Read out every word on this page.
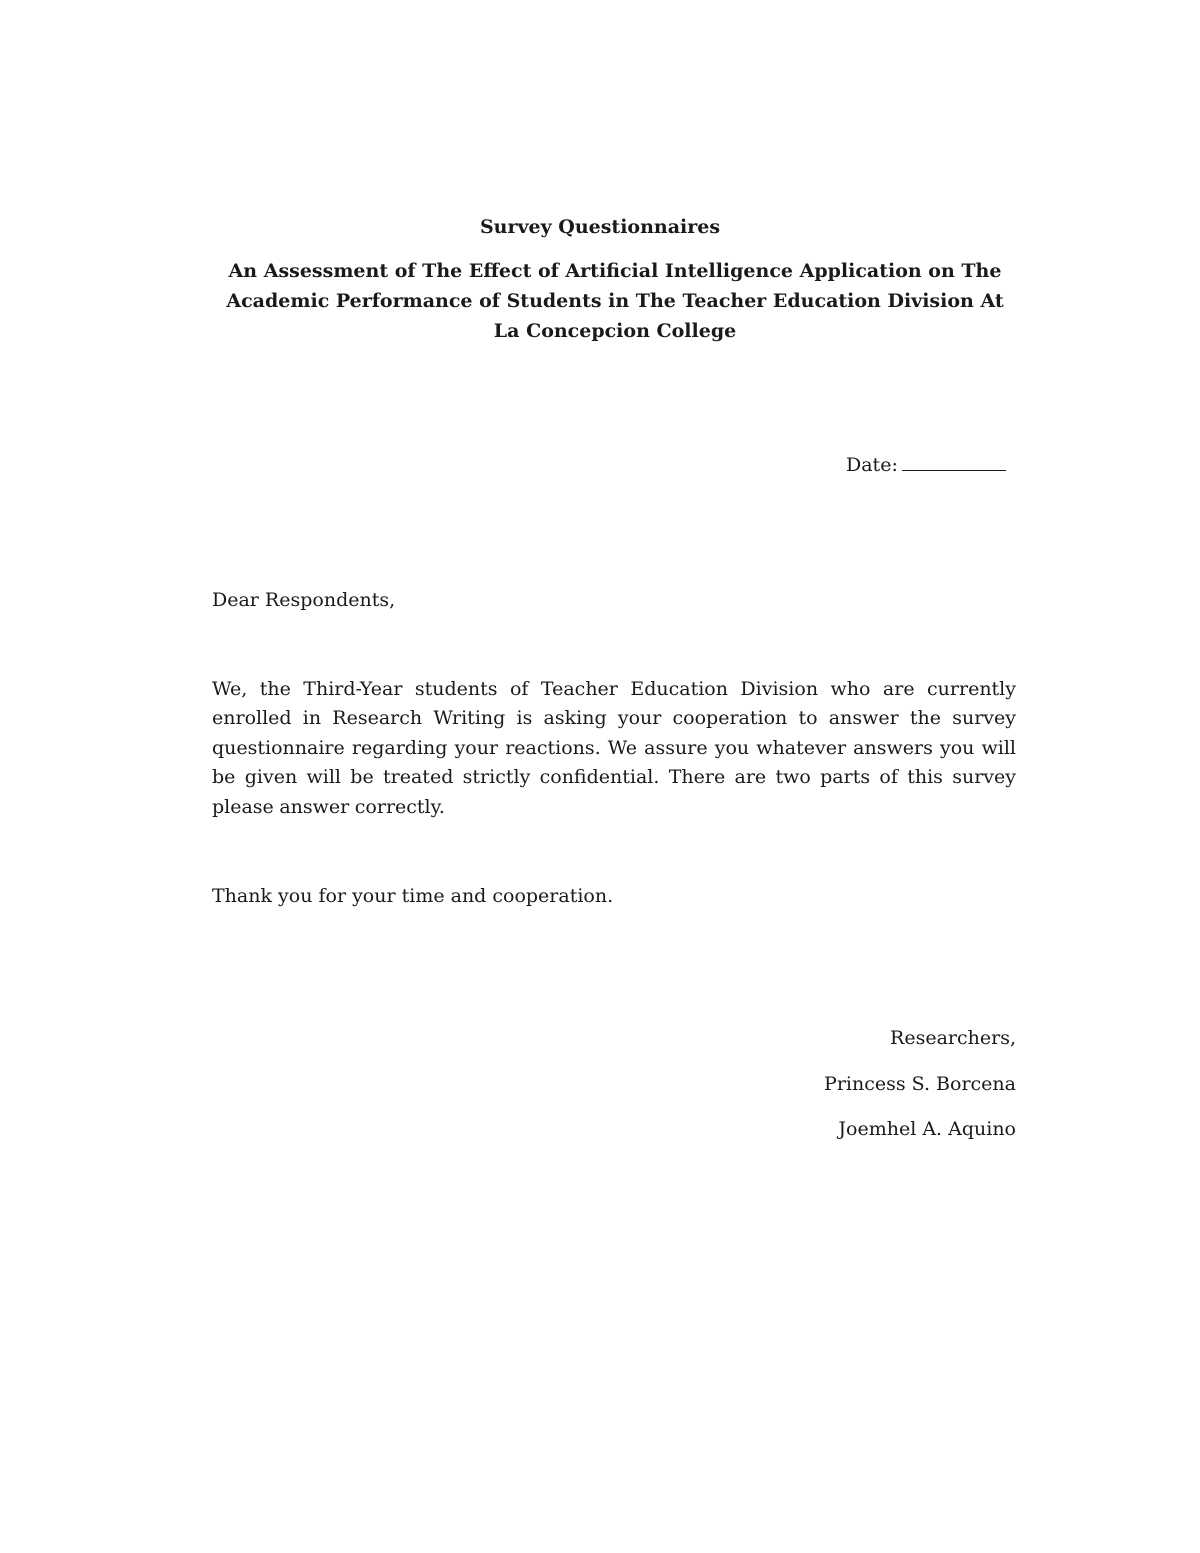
Survey Questionnaires
An Assessment of The Effect of Artificial Intelligence Application on The Academic Performance of Students in The Teacher Education Division At La Concepcion College
Date:

Dear Respondents,

We, the Third-Year students of Teacher Education Division who are currently enrolled in Research Writing is asking your cooperation to answer the survey questionnaire regarding your reactions. We assure you whatever answers you will be given will be treated strictly confidential. There are two parts of this survey please answer correctly.

Thank you for your time and cooperation.

Researchers,
Princess S. Borcena
Joemhel A. Aquino
